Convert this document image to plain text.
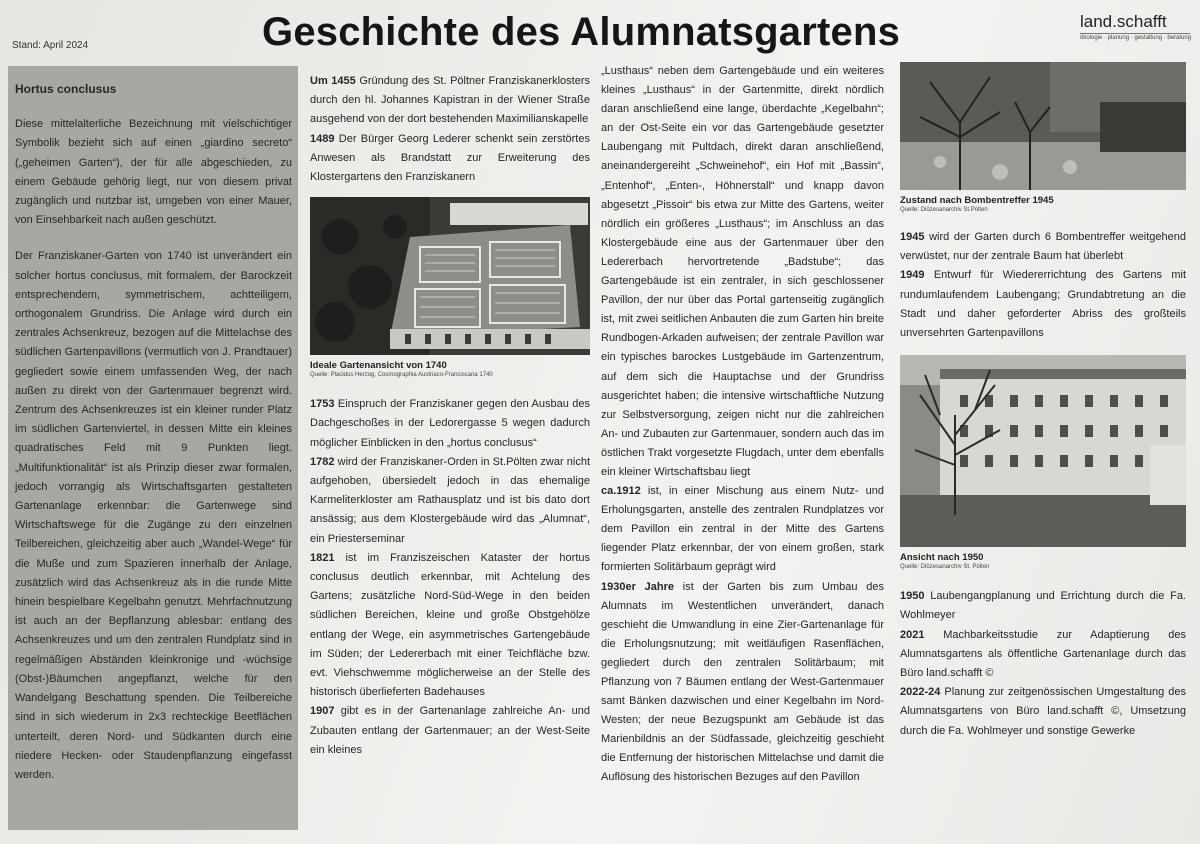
Stand: April 2024	Geschichte des Alumnatsgartens	land.schafft
ökologie · planung · gestaltung · beratung
Hortus conclusus

Diese mittelalterliche Bezeichnung mit vielschichtiger Symbolik bezieht sich auf einen „giardino secreto“ („geheimen Garten“), der für alle abgeschieden, zu einem Gebäude gehörig liegt, nur von diesem privat zugänglich und nutzbar ist, umgeben von einer Mauer, von Einsehbarkeit nach außen geschützt.

Der Franziskaner-Garten von 1740 ist unverändert ein solcher hortus conclusus, mit formalem, der Barockzeit entsprechendem, symmetrischem, achtteiligem, orthogonalem Grundriss. Die Anlage wird durch ein zentrales Achsenkreuz, bezogen auf die Mittelachse des südlichen Gartenpavillons (vermutlich von J. Prandtauer) gegliedert sowie einem umfassenden Weg, der nach außen zu direkt von der Gartenmauer begrenzt wird. Zentrum des Achsenkreuzes ist ein kleiner runder Platz im südlichen Gartenviertel, in dessen Mitte ein kleines quadratisches Feld mit 9 Punkten liegt. „Multifunktionalität“ ist als Prinzip dieser zwar formalen, jedoch vorrangig als Wirtschaftsgarten gestalteten Gartenanlage erkennbar: die Gartenwege sind Wirtschaftswege für die Zugänge zu den einzelnen Teilbereichen, gleichzeitig aber auch „Wandel-Wege“ für die Muße und zum Spazieren innerhalb der Anlage, zusätzlich wird das Achsenkreuz als in die runde Mitte hinein bespielbare Kegelbahn genutzt. Mehrfachnutzung ist auch an der Bepflanzung ablesbar: entlang des Achsenkreuzes und um den zentralen Rundplatz sind in regelmäßigen Abständen kleinkronige und -wüchsige (Obst-)Bäumchen angepflanzt, welche für den Wandelgang Beschattung spenden. Die Teilbereiche sind in sich wiederum in 2x3 rechteckige Beetflächen unterteilt, deren Nord- und Südkanten durch eine niedere Hecken- oder Staudenpflanzung eingefasst werden.

Um 1455 Gründung des St. Pöltner Franziskanerklosters durch den hl. Johannes Kapistran in der Wiener Straße ausgehend von der dort bestehenden Maximilianskapelle

1489 Der Bürger Georg Lederer schenkt sein zerstörtes Anwesen als Brandstatt zur Erweiterung des Klostergartens den Franziskanern

Ideale Gartenansicht von 1740
Quelle: Placidus Herzog, Cosmographia Austriaco-Franciscana 1740

1753 Einspruch der Franziskaner gegen den Ausbau des Dachgeschoßes in der Ledorergasse 5 wegen dadurch möglicher Einblicken in den „hortus conclusus“

1782 wird der Franziskaner-Orden in St.Pölten zwar nicht aufgehoben, übersiedelt jedoch in das ehemalige Karmeliterkloster am Rathausplatz und ist bis dato dort ansässig; aus dem Klostergebäude wird das „Alumnat“, ein Priesterseminar

1821 ist im Franziszeischen Kataster der hortus conclusus deutlich erkennbar, mit Achtelung des Gartens; zusätzliche Nord-Süd-Wege in den beiden südlichen Bereichen, kleine und große Obstgehölze entlang der Wege, ein asymmetrisches Gartengebäude im Süden; der Ledererbach mit einer Teichfläche bzw. evt. Viehschwemme möglicherweise an der Stelle des historisch überlieferten Badehauses

1907 gibt es in der Gartenanlage zahlreiche An- und Zubauten entlang der Gartenmauer; an der West-Seite ein kleines

„Lusthaus“ neben dem Gartengebäude und ein weiteres kleines „Lusthaus“ in der Gartenmitte, direkt nördlich daran anschließend eine lange, überdachte „Kegelbahn“; an der Ost-Seite ein vor das Gartengebäude gesetzter Laubengang mit Pultdach, direkt daran anschließend, aneinandergereiht „Schweinehof“, ein Hof mit „Bassin“, „Entenhof“, „Enten-, Höhnerstall“ und knapp davon abgesetzt „Pissoir“ bis etwa zur Mitte des Gartens, weiter nördlich ein größeres „Lusthaus“; im Anschluss an das Klostergebäude eine aus der Gartenmauer über den Ledererbach hervortretende „Badstube“; das Gartengebäude ist ein zentraler, in sich geschlossener Pavillon, der nur über das Portal gartenseitig zugänglich ist, mit zwei seitlichen Anbauten die zum Garten hin breite Rundbogen-Arkaden aufweisen; der zentrale Pavillon war ein typisches barockes Lustgebäude im Gartenzentrum, auf dem sich die Hauptachse und der Grundriss ausgerichtet haben; die intensive wirtschaftliche Nutzung zur Selbstversorgung, zeigen nicht nur die zahlreichen An- und Zubauten zur Gartenmauer, sondern auch das im östlichen Trakt vorgesetzte Flugdach, unter dem ebenfalls ein kleiner Wirtschaftsbau liegt

ca.1912 ist, in einer Mischung aus einem Nutz- und Erholungsgarten, anstelle des zentralen Rundplatzes vor dem Pavillon ein zentral in der Mitte des Gartens liegender Platz erkennbar, der von einem großen, stark formierten Solitärbaum geprägt wird

1930er Jahre ist der Garten bis zum Umbau des Alumnats im Westentlichen unverändert, danach geschieht die Umwandlung in eine Zier-Gartenanlage für die Erholungsnutzung; mit weitläufigen Rasenflächen, gegliedert durch den zentralen Solitärbaum; mit Pflanzung von 7 Bäumen entlang der West-Gartenmauer samt Bänken dazwischen und einer Kegelbahn im Nord-Westen; der neue Bezugspunkt am Gebäude ist das Marienbildnis an der Südfassade, gleichzeitig geschieht die Entfernung der historischen Mittelachse und damit die Auflösung des historischen Bezuges auf den Pavillon

Zustand nach Bombentreffer 1945
Quelle: Diözesanarchiv St.Pölten

1945 wird der Garten durch 6 Bombentreffer weitgehend verwüstet, nur der zentrale Baum hat überlebt

1949 Entwurf für Wiedererrichtung des Gartens mit rundumlaufendem Laubengang; Grundabtretung an die Stadt und daher geforderter Abriss des großteils unversehrten Gartenpavillons

Ansicht nach 1950
Quelle: Diözesanarchiv St. Pölten

1950 Laubengangplanung und Errichtung durch die Fa. Wohlmeyer

2021 Machbarkeitsstudie zur Adaptierung des Alumnatsgartens als öffentliche Gartenanlage durch das Büro land.schafft ©

2022-24 Planung zur zeitgenössischen Umgestaltung des Alumnatsgartens von Büro land.schafft ©, Umsetzung durch die Fa. Wohlmeyer und sonstige Gewerke
